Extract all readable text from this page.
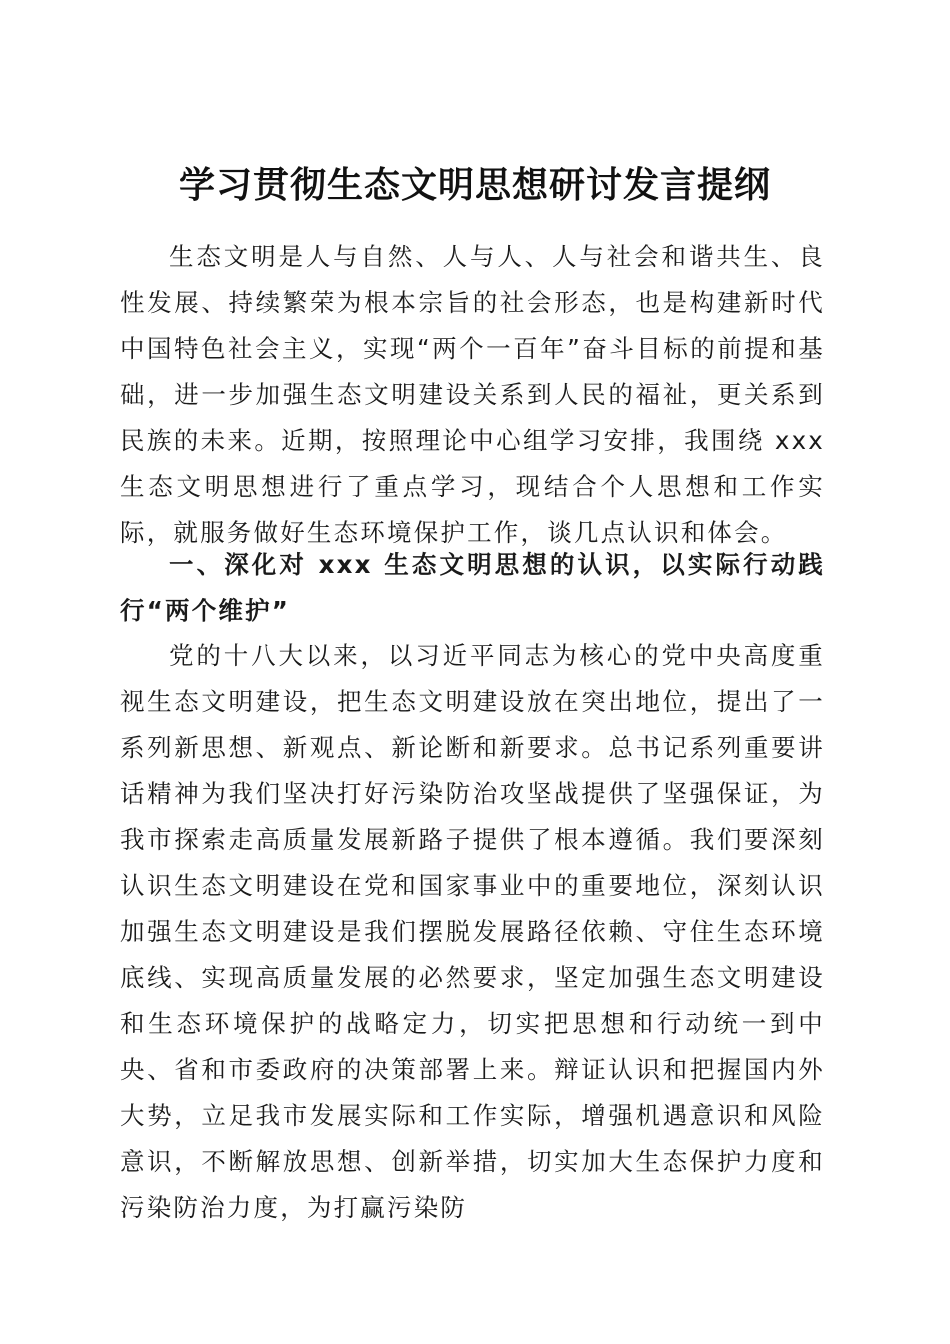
学习贯彻生态文明思想研讨发言提纲

生态文明是人与自然、人与人、人与社会和谐共生、良性发展、持续繁荣为根本宗旨的社会形态，也是构建新时代中国特色社会主义，实现“两个一百年”奋斗目标的前提和基础，进一步加强生态文明建设关系到人民的福祉，更关系到民族的未来。近期，按照理论中心组学习安排，我围绕 xxx 生态文明思想进行了重点学习，现结合个人思想和工作实际，就服务做好生态环境保护工作，谈几点认识和体会。

一、深化对 xxx 生态文明思想的认识，以实际行动践行“两个维护”

党的十八大以来，以习近平同志为核心的党中央高度重视生态文明建设，把生态文明建设放在突出地位，提出了一系列新思想、新观点、新论断和新要求。总书记系列重要讲话精神为我们坚决打好污染防治攻坚战提供了坚强保证，为我市探索走高质量发展新路子提供了根本遵循。我们要深刻认识生态文明建设在党和国家事业中的重要地位，深刻认识加强生态文明建设是我们摆脱发展路径依赖、守住生态环境底线、实现高质量发展的必然要求，坚定加强生态文明建设和生态环境保护的战略定力，切实把思想和行动统一到中央、省和市委政府的决策部署上来。辩证认识和把握国内外大势，立足我市发展实际和工作实际，增强机遇意识和风险意识，不断解放思想、创新举措，切实加大生态保护力度和污染防治力度，为打赢污染防
